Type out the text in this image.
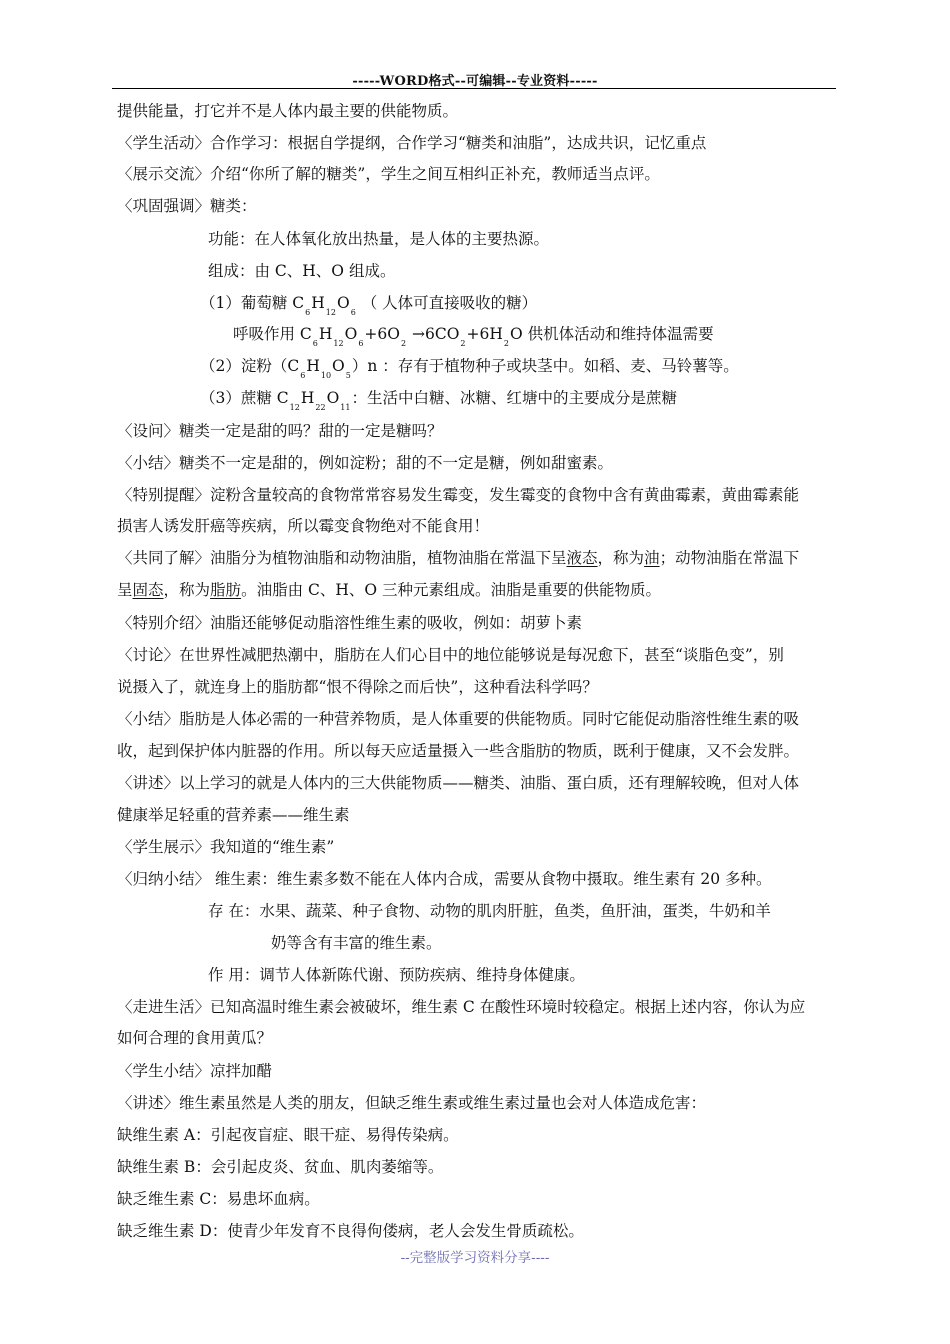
-----WORD格式--可编辑--专业资料-----
提供能量，打它并不是人体内最主要的供能物质。
〈学生活动〉合作学习：根据自学提纲，合作学习“糖类和油脂”，达成共识，记忆重点
〈展示交流〉介绍“你所了解的糖类”，学生之间互相纠正补充，教师适当点评。
〈巩固强调〉糖类：
功能：在人体氧化放出热量，是人体的主要热源。
组成：由 C、H、O 组成。
（1）葡萄糖 $C_6H_{12}O_6$ （ 人体可直接吸收的糖）
呼吸作用 $C_6H_{12}O_6+6O_2 \to 6CO_2+6H_2O$ 供机体活动和维持体温需要
（2）淀粉$(C_6H_{10}O_5)n$ ：存有于植物种子或块茎中。如稻、麦、马铃薯等。
（3）蔗糖 $C_{12}H_{22}O_{11}$：生活中白糖、冰糖、红塘中的主要成分是蔗糖
〈设问〉糖类一定是甜的吗？甜的一定是糖吗？
〈小结〉糖类不一定是甜的，例如淀粉；甜的不一定是糖，例如甜蜜素。
〈特别提醒〉淀粉含量较高的食物常常容易发生霉变，发生霉变的食物中含有黄曲霉素，黄曲霉素能
损害人诱发肝癌等疾病，所以霉变食物绝对不能食用！
〈共同了解〉油脂分为植物油脂和动物油脂，植物油脂在常温下呈液态，称为油；动物油脂在常温下
呈固态，称为脂肪。油脂由 C、H、O 三种元素组成。油脂是重要的供能物质。
〈特别介绍〉油脂还能够促动脂溶性维生素的吸收，例如：胡萝卜素
〈讨论〉在世界性减肥热潮中，脂肪在人们心目中的地位能够说是每况愈下，甚至“谈脂色变”，别
说摄入了，就连身上的脂肪都“恨不得除之而后快”，这种看法科学吗？
〈小结〉脂肪是人体必需的一种营养物质，是人体重要的供能物质。同时它能促动脂溶性维生素的吸
收，起到保护体内脏器的作用。所以每天应适量摄入一些含脂肪的物质，既利于健康，又不会发胖。
〈讲述〉以上学习的就是人体内的三大供能物质——糖类、油脂、蛋白质，还有理解较晚，但对人体
健康举足轻重的营养素——维生素
〈学生展示〉我知道的“维生素”
〈归纳小结〉 维生素：维生素多数不能在人体内合成，需要从食物中摄取。维生素有 20 多种。
存 在：水果、蔬菜、种子食物、动物的肌肉肝脏，鱼类，鱼肝油，蛋类，牛奶和羊
奶等含有丰富的维生素。
作 用：调节人体新陈代谢、预防疾病、维持身体健康。
〈走进生活〉已知高温时维生素会被破坏，维生素 C 在酸性环境时较稳定。根据上述内容，你认为应
如何合理的食用黄瓜？
〈学生小结〉凉拌加醋
〈讲述〉维生素虽然是人类的朋友，但缺乏维生素或维生素过量也会对人体造成危害：
缺维生素 A：引起夜盲症、眼干症、易得传染病。
缺维生素 B：会引起皮炎、贫血、肌肉萎缩等。
缺乏维生素 C：易患坏血病。
缺乏维生素 D：使青少年发育不良得佝偻病，老人会发生骨质疏松。
--完整版学习资料分享----
